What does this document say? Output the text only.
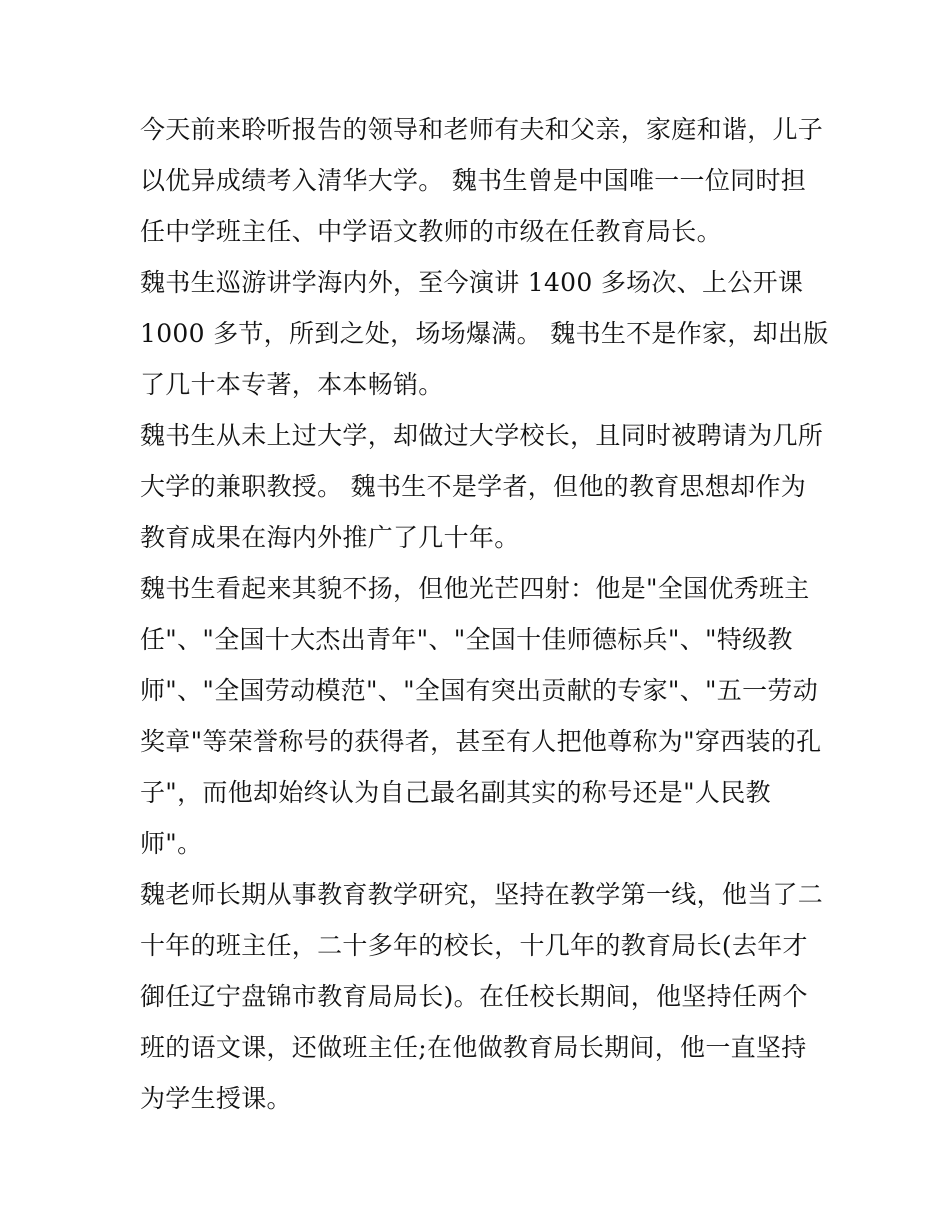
今天前来聆听报告的领导和老师有夫和父亲，家庭和谐，儿子
以优异成绩考入清华大学。 魏书生曾是中国唯一一位同时担
任中学班主任、中学语文教师的市级在任教育局长。
魏书生巡游讲学海内外，至今演讲 1400 多场次、上公开课
1000 多节，所到之处，场场爆满。 魏书生不是作家，却出版
了几十本专著，本本畅销。
魏书生从未上过大学，却做过大学校长，且同时被聘请为几所
大学的兼职教授。 魏书生不是学者，但他的教育思想却作为
教育成果在海内外推广了几十年。
魏书生看起来其貌不扬，但他光芒四射：他是"全国优秀班主
任"、"全国十大杰出青年"、"全国十佳师德标兵"、"特级教
师"、"全国劳动模范"、"全国有突出贡献的专家"、"五一劳动
奖章"等荣誉称号的获得者，甚至有人把他尊称为"穿西装的孔
子"，而他却始终认为自己最名副其实的称号还是"人民教
师"。
魏老师长期从事教育教学研究，坚持在教学第一线，他当了二
十年的班主任，二十多年的校长，十几年的教育局长(去年才
御任辽宁盘锦市教育局局长)。在任校长期间，他坚持任两个
班的语文课，还做班主任;在他做教育局长期间，他一直坚持
为学生授课。
